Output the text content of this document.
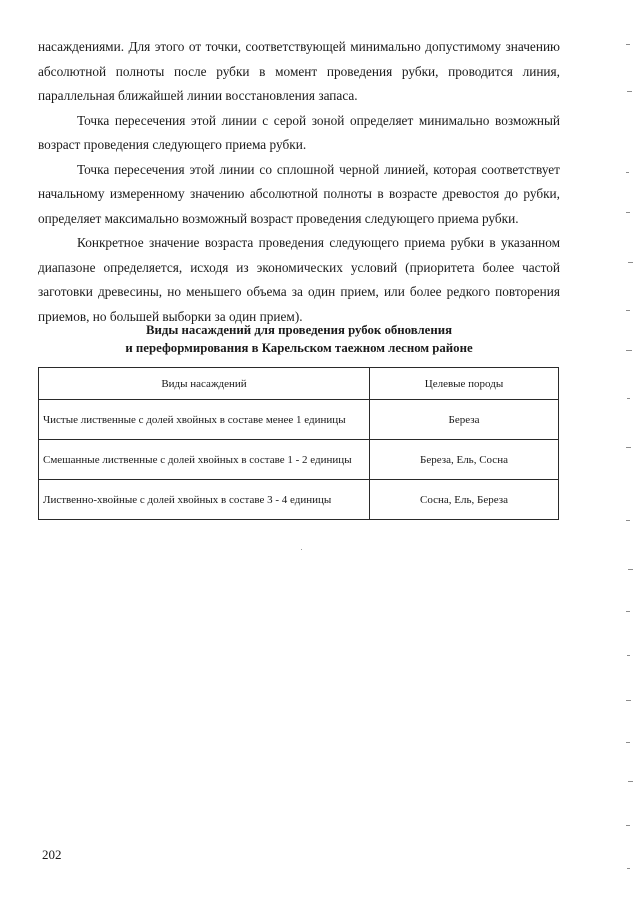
насаждениями. Для этого от точки, соответствующей минимально допустимому значению абсолютной полноты после рубки в момент проведения рубки, проводится линия, параллельная ближайшей линии восстановления запаса.

Точка пересечения этой линии с серой зоной определяет минимально возможный возраст проведения следующего приема рубки.

Точка пересечения этой линии со сплошной черной линией, которая соответствует начальному измеренному значению абсолютной полноты в возрасте древостоя до рубки, определяет максимально возможный возраст проведения следующего приема рубки.

Конкретное значение возраста проведения следующего приема рубки в указанном диапазоне определяется, исходя из экономических условий (приоритета более частой заготовки древесины, но меньшего объема за один прием, или более редкого повторения приемов, но большей выборки за один прием).

Виды насаждений для проведения рубок обновления
и переформирования в Карельском таежном лесном районе
Виды насаждений	Целевые породы
Чистые лиственные с долей хвойных в составе менее 1 единицы	Береза
Смешанные лиственные с долей хвойных в составе 1 - 2 единицы	Береза, Ель, Сосна
Лиственно-хвойные с долей хвойных в составе 3 - 4 единицы	Сосна, Ель, Береза
202
